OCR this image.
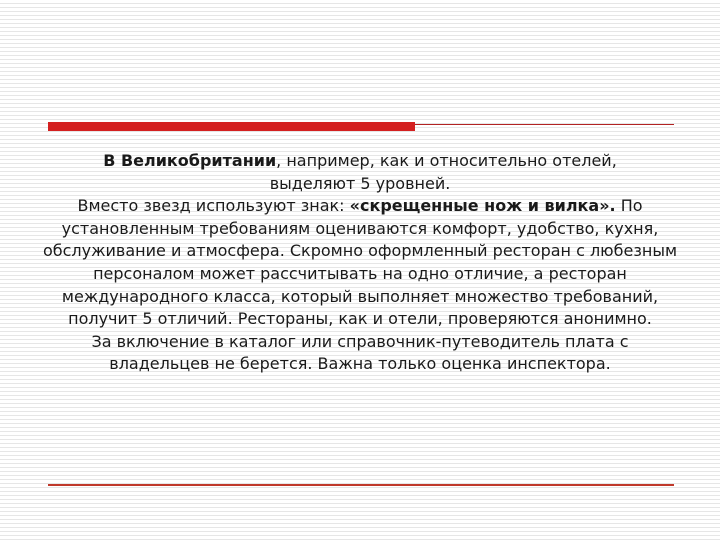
В Великобритании, например, как и относительно отелей,
выделяют 5 уровней.

Вместо звезд используют знак: «скрещенные нож и вилка». По установленным требованиям оцениваются комфорт, удобство, кухня, обслуживание и атмосфера. Скромно оформленный ресторан с любезным персоналом может рассчитывать на одно отличие, а ресторан международного класса, который выполняет множество требований, получит 5 отличий. Рестораны, как и отели, проверяются анонимно.

За включение в каталог или справочник-путеводитель плата с владельцев не берется. Важна только оценка инспектора.
